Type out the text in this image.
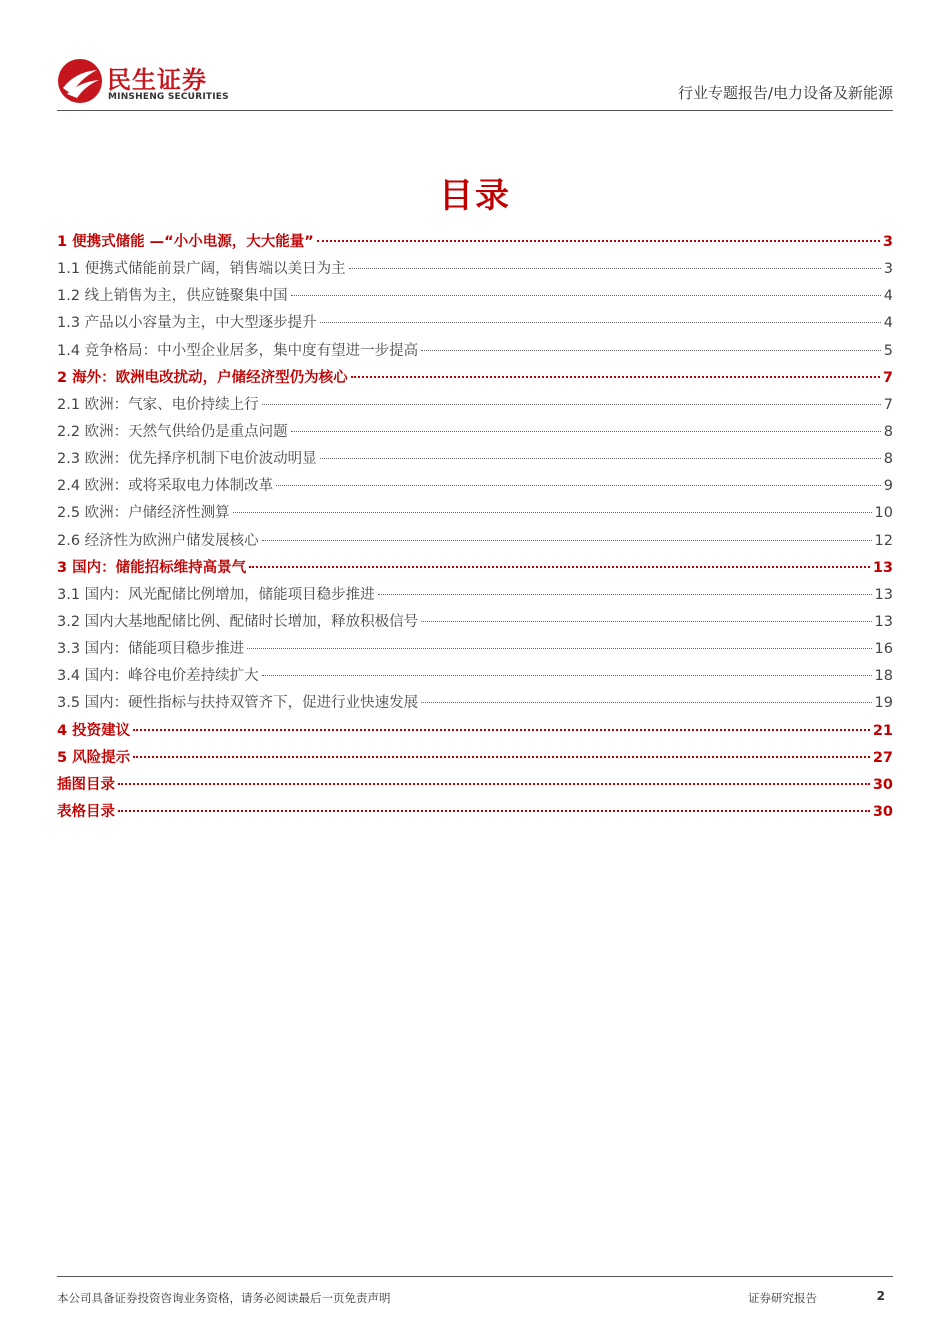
民生证券
MINSHENG SECURITIES	行业专题报告/电力设备及新能源
目录
1 便携式储能 —“小小电源，大大能量”	3
1.1 便携式储能前景广阔，销售端以美日为主	3
1.2 线上销售为主，供应链聚集中国	4
1.3 产品以小容量为主，中大型逐步提升	4
1.4 竞争格局：中小型企业居多，集中度有望进一步提高	5
2 海外：欧洲电改扰动，户储经济型仍为核心	7
2.1 欧洲：气家、电价持续上行	7
2.2 欧洲：天然气供给仍是重点问题	8
2.3 欧洲：优先择序机制下电价波动明显	8
2.4 欧洲：或将采取电力体制改革	9
2.5 欧洲：户储经济性测算	10
2.6 经济性为欧洲户储发展核心	12
3 国内：储能招标维持高景气	13
3.1 国内：风光配储比例增加，储能项目稳步推进	13
3.2 国内大基地配储比例、配储时长增加，释放积极信号	13
3.3 国内：储能项目稳步推进	16
3.4 国内：峰谷电价差持续扩大	18
3.5 国内：硬性指标与扶持双管齐下，促进行业快速发展	19
4 投资建议	21
5 风险提示	27
插图目录	30
表格目录	30
本公司具备证券投资咨询业务资格，请务必阅读最后一页免责声明	证券研究报告	2
